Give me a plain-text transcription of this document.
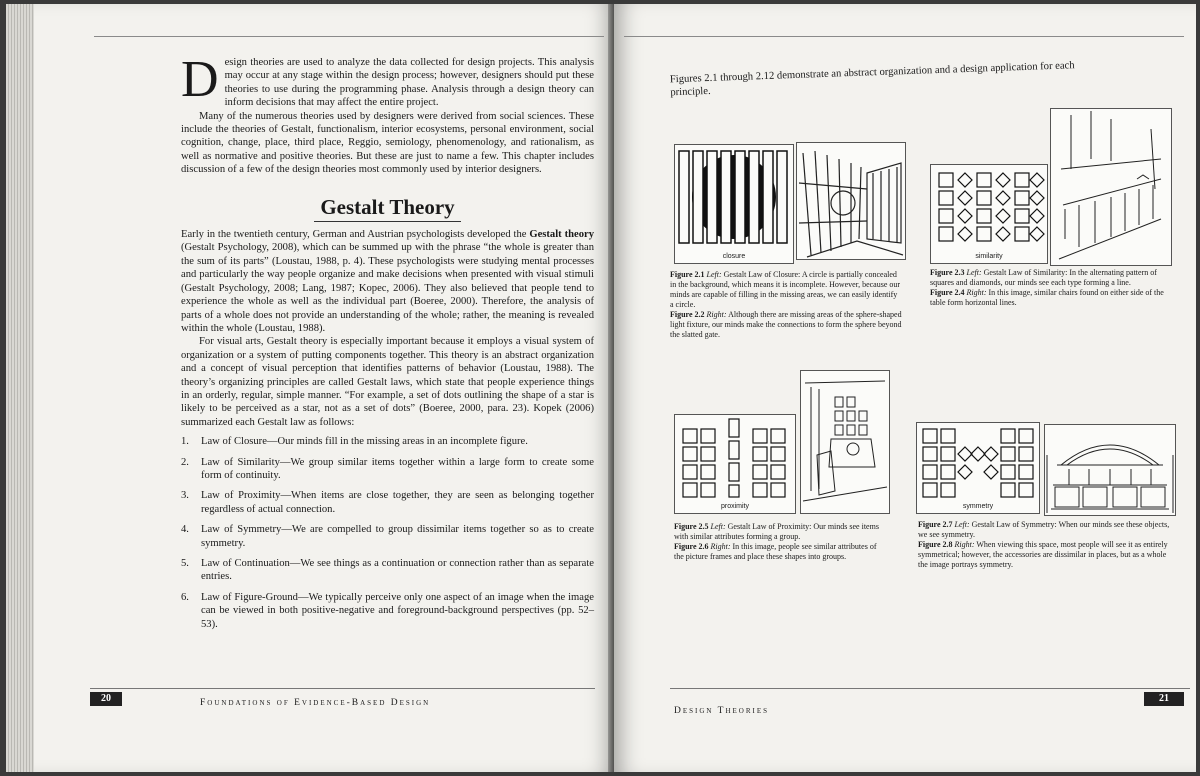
Design theories are used to analyze the data collected for design projects. This analysis may occur at any stage within the design process; however, designers should put these theories to use during the programming phase. Analysis through a design theory can inform decisions that may affect the entire project.

Many of the numerous theories used by designers were derived from social sciences. These include the theories of Gestalt, functionalism, interior ecosystems, personal environment, social cognition, change, place, third place, Reggio, semiology, phenomenology, and rationalism, as well as normative and positive theories. But these are just to name a few. This chapter includes discussion of a few of the design theories most commonly used by interior designers.

Gestalt Theory

Early in the twentieth century, German and Austrian psychologists developed the Gestalt theory (Gestalt Psychology, 2008), which can be summed up with the phrase “the whole is greater than the sum of its parts” (Loustau, 1988, p. 4). These psychologists were studying mental processes and particularly the way people organize and make decisions when presented with visual stimuli (Gestalt Psychology, 2008; Lang, 1987; Kopec, 2006). They also believed that people tend to experience the whole as well as the individual part (Boeree, 2000). Therefore, the analysis of parts of a whole does not provide an understanding of the whole; rather, the meaning is revealed within the whole (Loustau, 1988).

For visual arts, Gestalt theory is especially important because it employs a visual system of organization or a system of putting components together. This theory is an abstract organization and a concept of visual perception that identifies patterns of behavior (Loustau, 1988). The theory’s organizing principles are called Gestalt laws, which state that people experience things in an orderly, regular, simple manner. “For example, a set of dots outlining the shape of a star is likely to be perceived as a star, not as a set of dots” (Boeree, 2000, para. 23). Kopek (2006) summarized each Gestalt law as follows:

1.	Law of Closure—Our minds fill in the missing areas in an incomplete figure.
2.	Law of Similarity—We group similar items together within a large form to create some form of continuity.
3.	Law of Proximity—When items are close together, they are seen as belonging together regardless of actual connection.
4.	Law of Symmetry—We are compelled to group dissimilar items together so as to create symmetry.
5.	Law of Continuation—We see things as a continuation or connection rather than as separate entries.
6.	Law of Figure-Ground—We typically perceive only one aspect of an image when the image can be viewed in both positive-negative and foreground-background perspectives (pp. 52–53).
20	Foundations of Evidence-Based Design
Figures 2.1 through 2.12 demonstrate an abstract organization and a design application for each principle.
closure	similarity
Figure 2.1 Left: Gestalt Law of Closure: A circle is partially concealed in the background, which means it is incomplete. However, because our minds are capable of filling in the missing areas, we can easily identify a circle.
Figure 2.2 Right: Although there are missing areas of the sphere-shaped light fixture, our minds make the connections to form the sphere beyond the slatted gate.
Figure 2.3 Left: Gestalt Law of Similarity: In the alternating pattern of squares and diamonds, our minds see each type forming a line.
Figure 2.4 Right: In this image, similar chairs found on either side of the table form horizontal lines.
proximity	symmetry
Figure 2.5 Left: Gestalt Law of Proximity: Our minds see items with similar attributes forming a group.
Figure 2.6 Right: In this image, people see similar attributes of the picture frames and place these shapes into groups.
Figure 2.7 Left: Gestalt Law of Symmetry: When our minds see these objects, we see symmetry.
Figure 2.8 Right: When viewing this space, most people will see it as entirely symmetrical; however, the accessories are dissimilar in places, but as a whole the image portrays symmetry.
Design Theories
21
